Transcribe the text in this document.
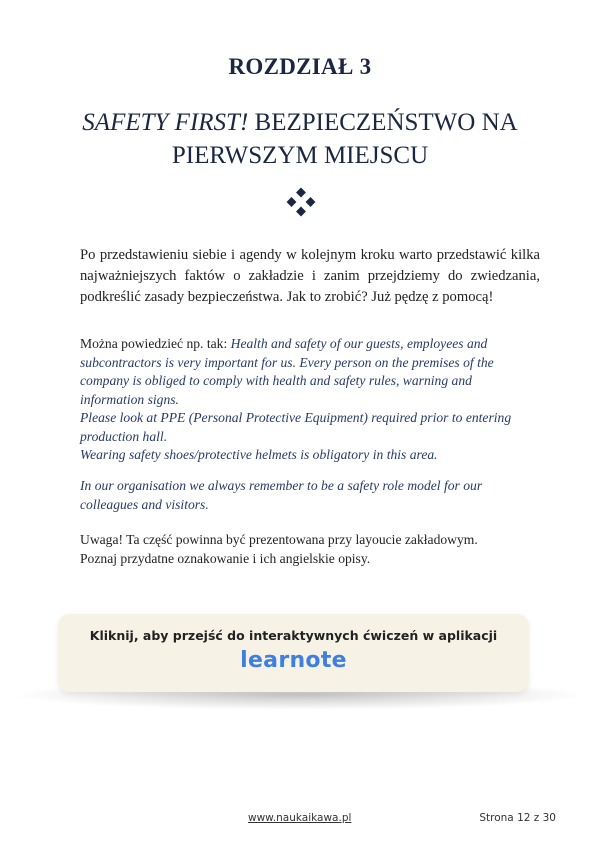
ROZDZIAŁ 3
SAFETY FIRST! BEZPIECZEŃSTWO NA
PIERWSZYM MIEJSCU

Po przedstawieniu siebie i agendy w kolejnym kroku warto przedstawić kilka najważniejszych faktów o zakładzie i zanim przejdziemy do zwiedzania, podkreślić zasady bezpieczeństwa. Jak to zrobić? Już pędzę z pomocą!

Można powiedzieć np. tak: Health and safety of our guests, employees and subcontractors is very important for us. Every person on the premises of the company is obliged to comply with health and safety rules, warning and information signs.
Please look at PPE (Personal Protective Equipment) required prior to entering production hall.
Wearing safety shoes/protective helmets is obligatory in this area.
In our organisation we always remember to be a safety role model for our colleagues and visitors.
Uwaga! Ta część powinna być prezentowana przy layoucie zakładowym.
Poznaj przydatne oznakowanie i ich angielskie opisy.
Kliknij, aby przejść do interaktywnych ćwiczeń w aplikacji
learnote
www.naukaikawa.pl	Strona 12 z 30
